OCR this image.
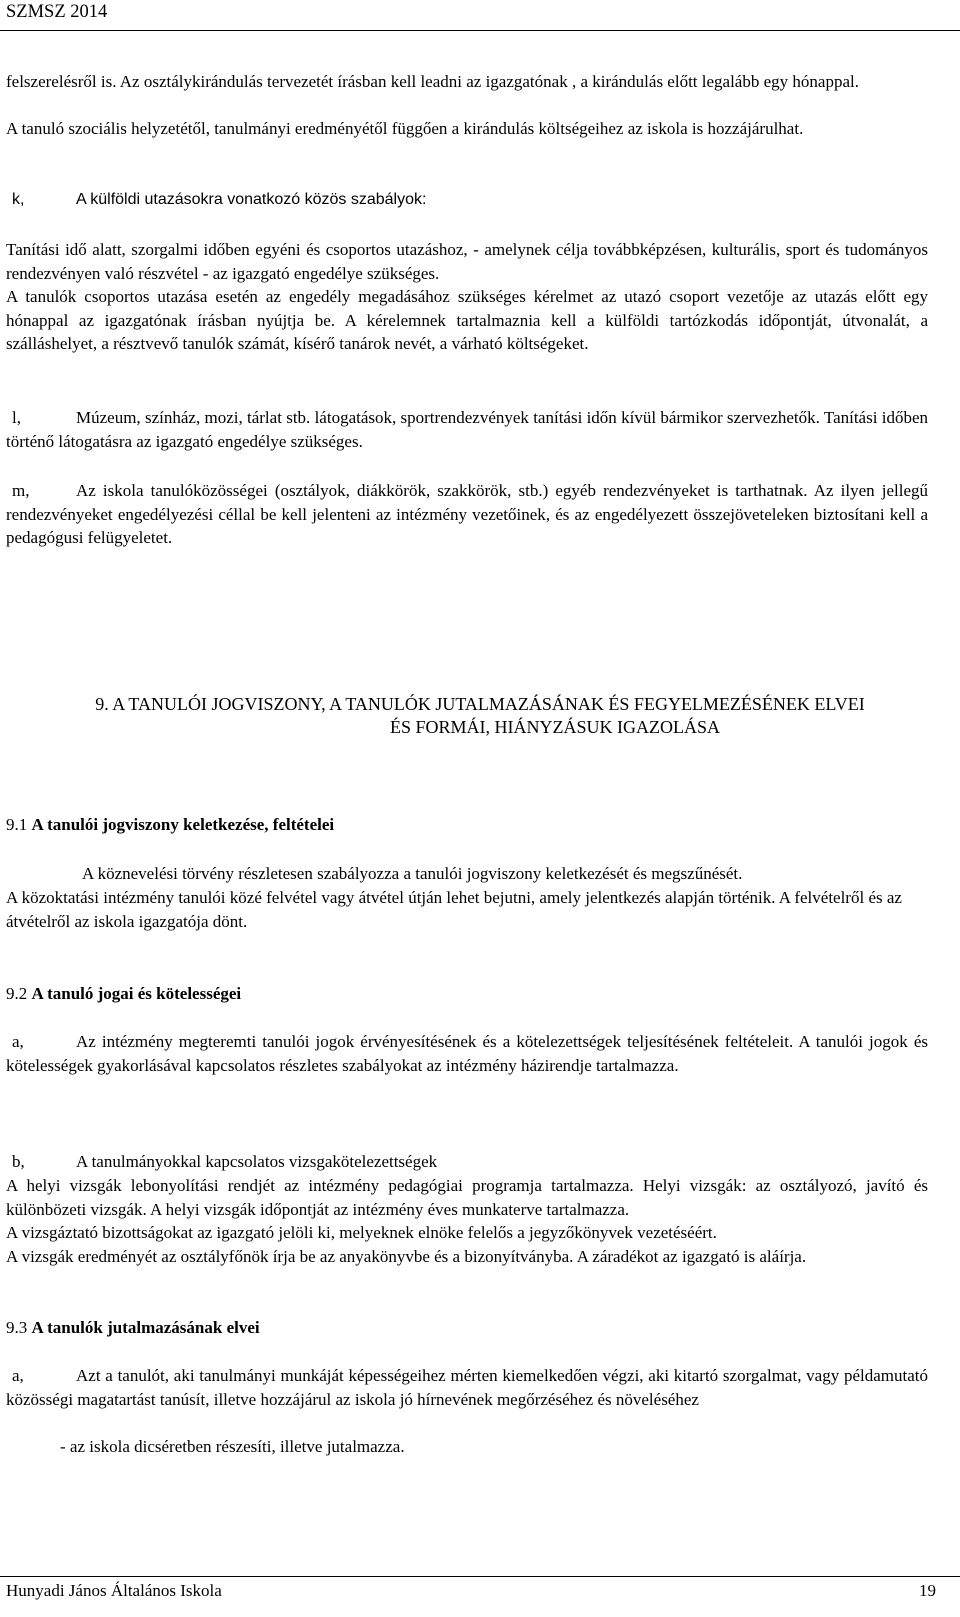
SZMSZ 2014
felszerelésről is. Az osztálykirándulás tervezetét írásban kell leadni az igazgatónak , a kirándulás előtt legalább egy hónappal.
A tanuló szociális helyzetétől, tanulmányi eredményétől függően a kirándulás költségeihez az iskola is hozzájárulhat.
k,	A külföldi utazásokra vonatkozó közös szabályok:
Tanítási idő alatt, szorgalmi időben egyéni és csoportos utazáshoz, - amelynek célja továbbképzésen, kulturális, sport és tudományos rendezvényen való részvétel - az igazgató engedélye szükséges.
A tanulók csoportos utazása esetén az engedély megadásához szükséges kérelmet az utazó csoport vezetője az utazás előtt egy hónappal az igazgatónak írásban nyújtja be. A kérelemnek tartalmaznia kell a külföldi tartózkodás időpontját, útvonalát, a szálláshelyet, a résztvevő tanulók számát, kísérő tanárok nevét, a várható költségeket.
l,	Múzeum, színház, mozi, tárlat stb. látogatások, sportrendezvények tanítási időn kívül bármikor szervezhetők. Tanítási időben történő látogatásra az igazgató engedélye szükséges.
m,	Az iskola tanulóközösségei (osztályok, diákkörök, szakkörök, stb.) egyéb rendezvényeket is tarthatnak. Az ilyen jellegű rendezvényeket engedélyezési céllal be kell jelenteni az intézmény vezetőinek, és az engedélyezett összejöveteleken biztosítani kell a pedagógusi felügyeletet.
9. A TANULÓI JOGVISZONY, A TANULÓK JUTALMAZÁSÁNAK ÉS FEGYELMEZÉSÉNEK ELVEI
ÉS FORMÁI, HIÁNYZÁSUK IGAZOLÁSA
9.1 A tanulói jogviszony keletkezése, feltételei
A köznevelési törvény részletesen szabályozza a tanulói jogviszony keletkezését és megszűnését.
A közoktatási intézmény tanulói közé felvétel vagy átvétel útján lehet bejutni, amely jelentkezés alapján történik. A felvételről és az átvételről az iskola igazgatója dönt.
9.2 A tanuló jogai és kötelességei
a,	Az intézmény megteremti tanulói jogok érvényesítésének és a kötelezettségek teljesítésének feltételeit. A tanulói jogok és kötelességek gyakorlásával kapcsolatos részletes szabályokat az intézmény házirendje tartalmazza.
b,	A tanulmányokkal kapcsolatos vizsgakötelezettségek
A helyi vizsgák lebonyolítási rendjét az intézmény pedagógiai programja tartalmazza. Helyi vizsgák: az osztályozó, javító és különbözeti vizsgák. A helyi vizsgák időpontját az intézmény éves munkaterve tartalmazza.
A vizsgáztató bizottságokat az igazgató jelöli ki, melyeknek elnöke felelős a jegyzőkönyvek vezetéséért.
A vizsgák eredményét az osztályfőnök írja be az anyakönyvbe és a bizonyítványba. A záradékot az igazgató is aláírja.
9.3 A tanulók jutalmazásának elvei
a,	Azt a tanulót, aki tanulmányi munkáját képességeihez mérten kiemelkedően végzi, aki kitartó szorgalmat, vagy példamutató közösségi magatartást tanúsít, illetve hozzájárul az iskola jó hírnevének megőrzéséhez és növeléséhez
- az iskola dicséretben részesíti, illetve jutalmazza.
Hunyadi János Általános Iskola	19
